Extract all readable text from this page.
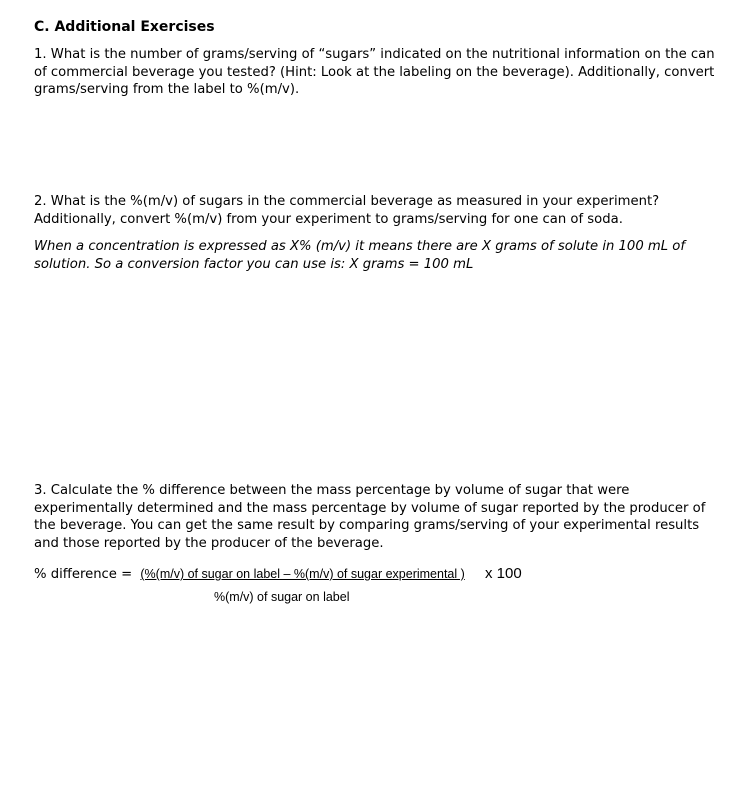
C. Additional Exercises

1. What is the number of grams/serving of “sugars” indicated on the nutritional information on the can of commercial beverage you tested? (Hint: Look at the labeling on the beverage). Additionally, convert grams/serving from the label to %(m/v).

2. What is the %(m/v) of sugars in the commercial beverage as measured in your experiment? Additionally, convert %(m/v) from your experiment to grams/serving for one can of soda.

When a concentration is expressed as X% (m/v) it means there are X grams of solute in 100 mL of solution. So a conversion factor you can use is: X grams = 100 mL

3. Calculate the % difference between the mass percentage by volume of sugar that were experimentally determined and the mass percentage by volume of sugar reported by the producer of the beverage. You can get the same result by comparing grams/serving of your experimental results and those reported by the producer of the beverage.

% difference = (%(m/v) of sugar on label – %(m/v) of sugar experimental ) x 100
%(m/v) of sugar on label
